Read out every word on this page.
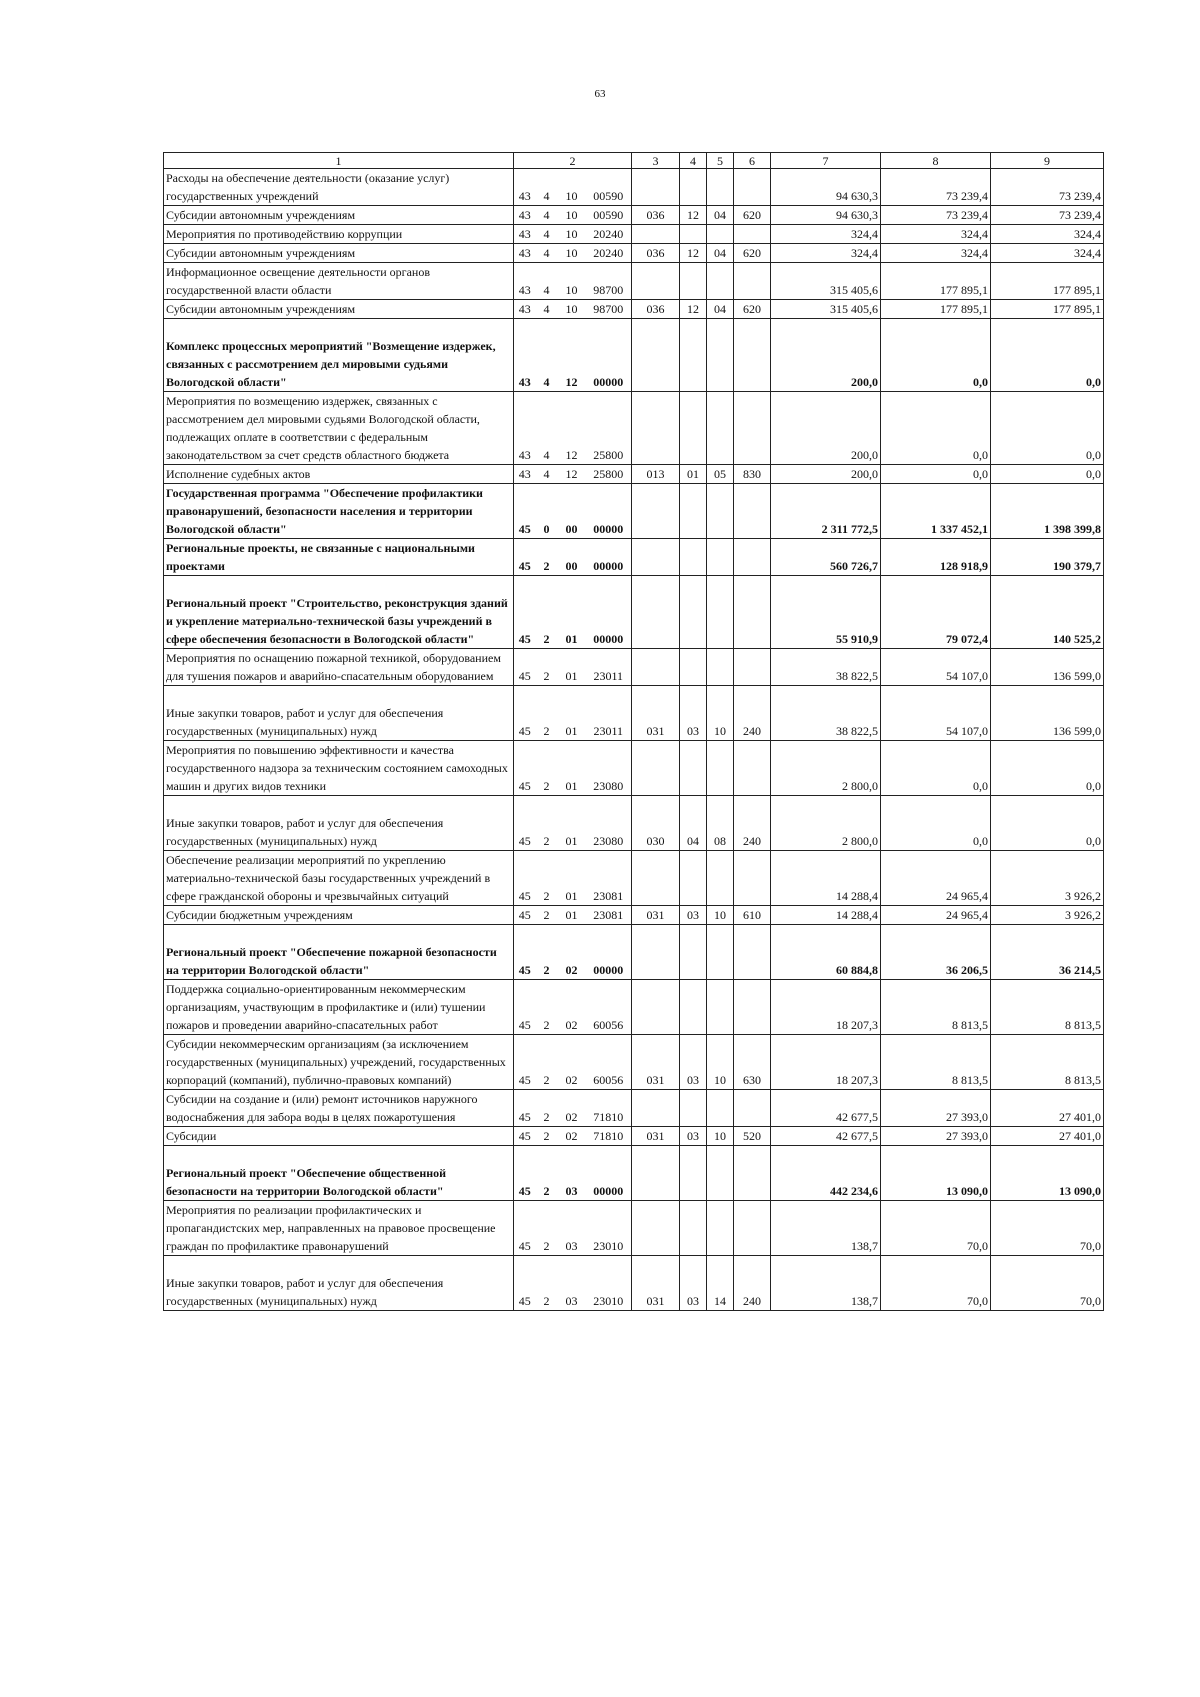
63
1	2				3	4	5	6	7	8	9
Расходы на обеспечение деятельности (оказание услуг) государственных учреждений	43	4	10	00590					94 630,3	73 239,4	73 239,4
Субсидии автономным учреждениям	43	4	10	00590	036	12	04	620	94 630,3	73 239,4	73 239,4
Мероприятия по противодействию коррупции	43	4	10	20240					324,4	324,4	324,4
Субсидии автономным учреждениям	43	4	10	20240	036	12	04	620	324,4	324,4	324,4
Информационное освещение деятельности органов государственной власти области	43	4	10	98700					315 405,6	177 895,1	177 895,1
Субсидии автономным учреждениям	43	4	10	98700	036	12	04	620	315 405,6	177 895,1	177 895,1
Комплекс процессных мероприятий "Возмещение издержек, связанных с рассмотрением дел мировыми судьями Вологодской области"	43	4	12	00000					200,0	0,0	0,0
Мероприятия по возмещению издержек, связанных с рассмотрением дел мировыми судьями Вологодской области, подлежащих оплате в соответствии с федеральным законодательством за счет средств областного бюджета	43	4	12	25800					200,0	0,0	0,0
Исполнение судебных актов	43	4	12	25800	013	01	05	830	200,0	0,0	0,0
Государственная программа "Обеспечение профилактики правонарушений, безопасности населения и территории Вологодской области"	45	0	00	00000					2 311 772,5	1 337 452,1	1 398 399,8
Региональные проекты, не связанные с национальными проектами	45	2	00	00000					560 726,7	128 918,9	190 379,7
Региональный проект "Строительство, реконструкция зданий и укрепление материально-технической базы учреждений в сфере обеспечения безопасности в Вологодской области"	45	2	01	00000					55 910,9	79 072,4	140 525,2
Мероприятия по оснащению пожарной техникой, оборудованием для тушения пожаров и аварийно-спасательным оборудованием	45	2	01	23011					38 822,5	54 107,0	136 599,0
Иные закупки товаров, работ и услуг для обеспечения государственных (муниципальных) нужд	45	2	01	23011	031	03	10	240	38 822,5	54 107,0	136 599,0
Мероприятия по повышению эффективности и качества государственного надзора за техническим состоянием самоходных машин и других видов техники	45	2	01	23080					2 800,0	0,0	0,0
Иные закупки товаров, работ и услуг для обеспечения государственных (муниципальных) нужд	45	2	01	23080	030	04	08	240	2 800,0	0,0	0,0
Обеспечение реализации мероприятий по укреплению материально-технической базы государственных учреждений в сфере гражданской обороны и чрезвычайных ситуаций	45	2	01	23081					14 288,4	24 965,4	3 926,2
Субсидии бюджетным учреждениям	45	2	01	23081	031	03	10	610	14 288,4	24 965,4	3 926,2
Региональный проект "Обеспечение пожарной безопасности на территории Вологодской области"	45	2	02	00000					60 884,8	36 206,5	36 214,5
Поддержка социально-ориентированным некоммерческим организациям, участвующим в профилактике и (или) тушении пожаров и проведении аварийно-спасательных работ	45	2	02	60056					18 207,3	8 813,5	8 813,5
Субсидии некоммерческим организациям (за исключением государственных (муниципальных) учреждений, государственных корпораций (компаний), публично-правовых компаний)	45	2	02	60056	031	03	10	630	18 207,3	8 813,5	8 813,5
Субсидии на создание и (или) ремонт источников наружного водоснабжения для забора воды в целях пожаротушения	45	2	02	71810					42 677,5	27 393,0	27 401,0
Субсидии	45	2	02	71810	031	03	10	520	42 677,5	27 393,0	27 401,0
Региональный проект "Обеспечение общественной безопасности на территории Вологодской области"	45	2	03	00000					442 234,6	13 090,0	13 090,0
Мероприятия по реализации профилактических и пропагандистских мер, направленных на правовое просвещение граждан по профилактике правонарушений	45	2	03	23010					138,7	70,0	70,0
Иные закупки товаров, работ и услуг для обеспечения государственных (муниципальных) нужд	45	2	03	23010	031	03	14	240	138,7	70,0	70,0
